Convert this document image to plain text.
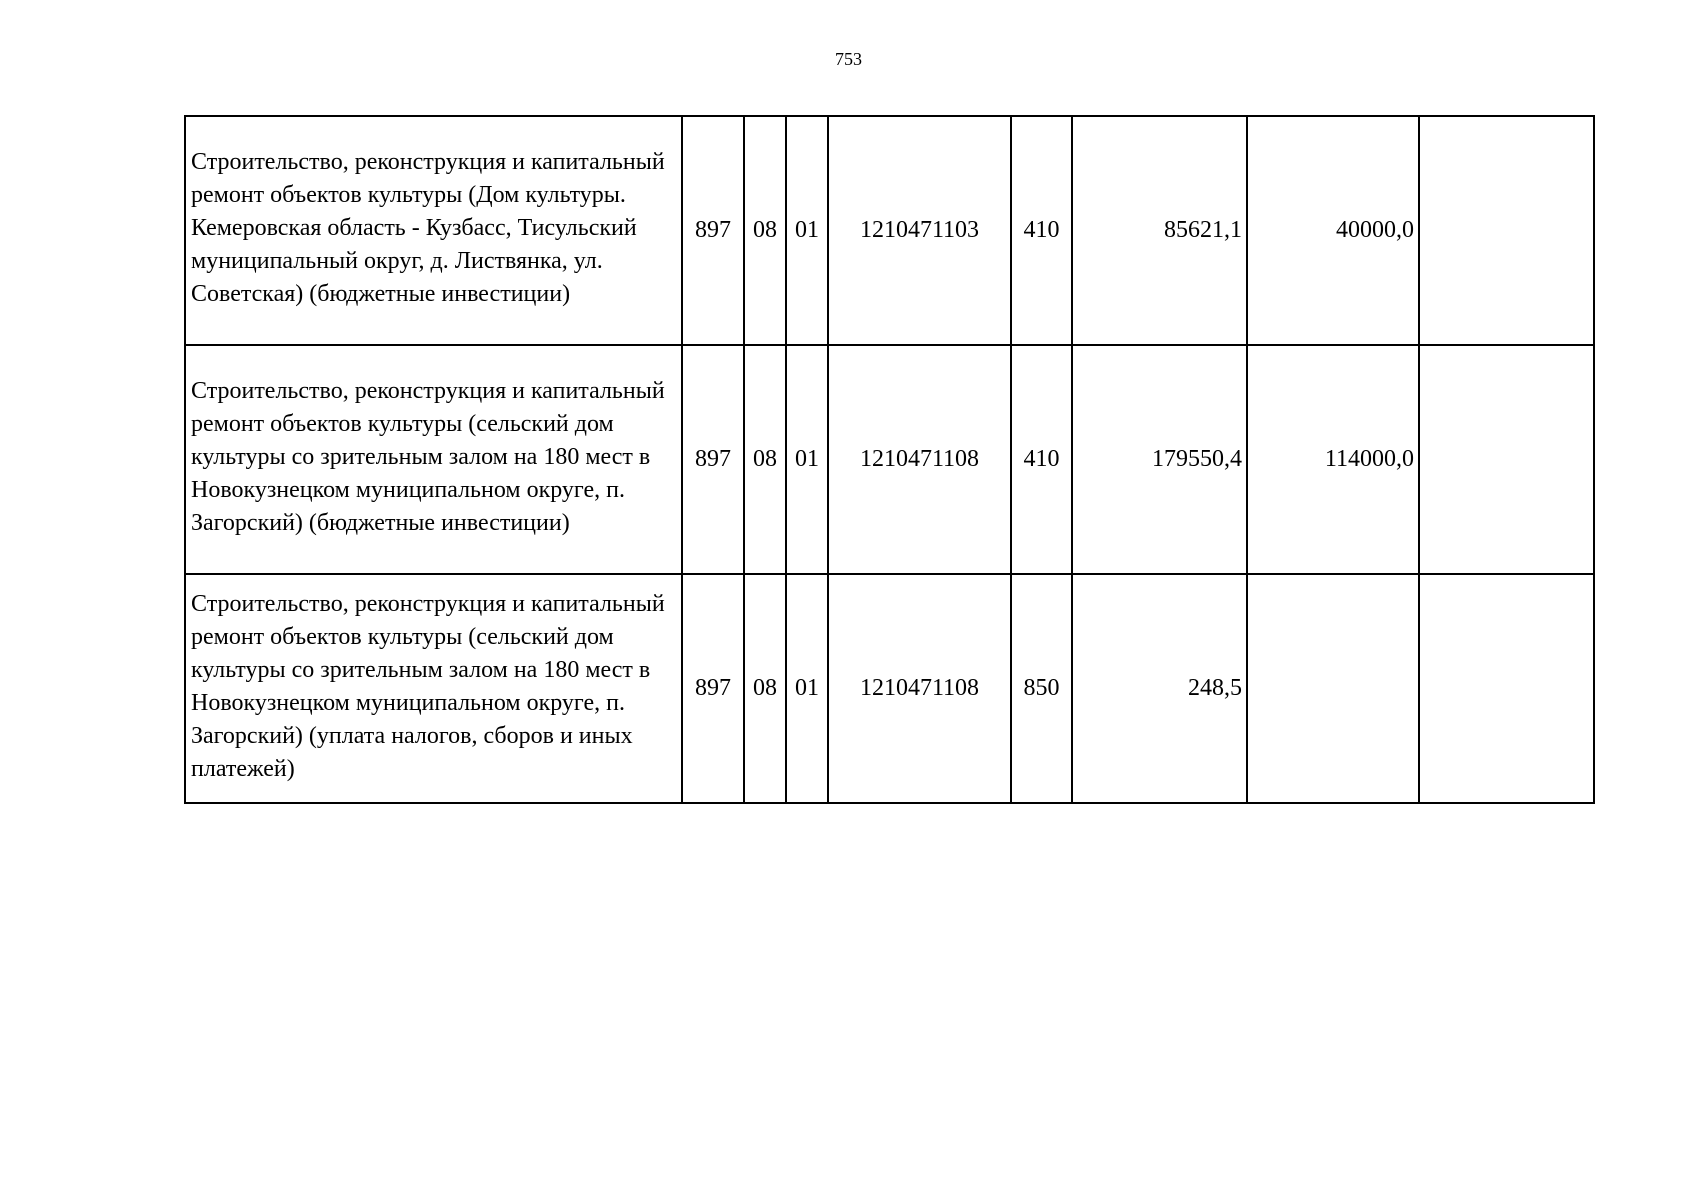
753
Строительство, реконструкция и капитальный ремонт объектов культуры (Дом культуры. Кемеровская область - Кузбасс, Тисульский муниципальный округ, д. Листвянка, ул. Советская) (бюджетные инвестиции)	897	08	01	1210471103	410	85621,1	40000,0	
Строительство, реконструкция и капитальный ремонт объектов культуры (сельский дом культуры со зрительным залом на 180 мест в Новокузнецком муниципальном округе, п. Загорский) (бюджетные инвестиции)	897	08	01	1210471108	410	179550,4	114000,0	
Строительство, реконструкция и капитальный ремонт объектов культуры (сельский дом культуры со зрительным залом на 180 мест в Новокузнецком муниципальном округе, п. Загорский) (уплата налогов, сборов и иных платежей)	897	08	01	1210471108	850	248,5		
